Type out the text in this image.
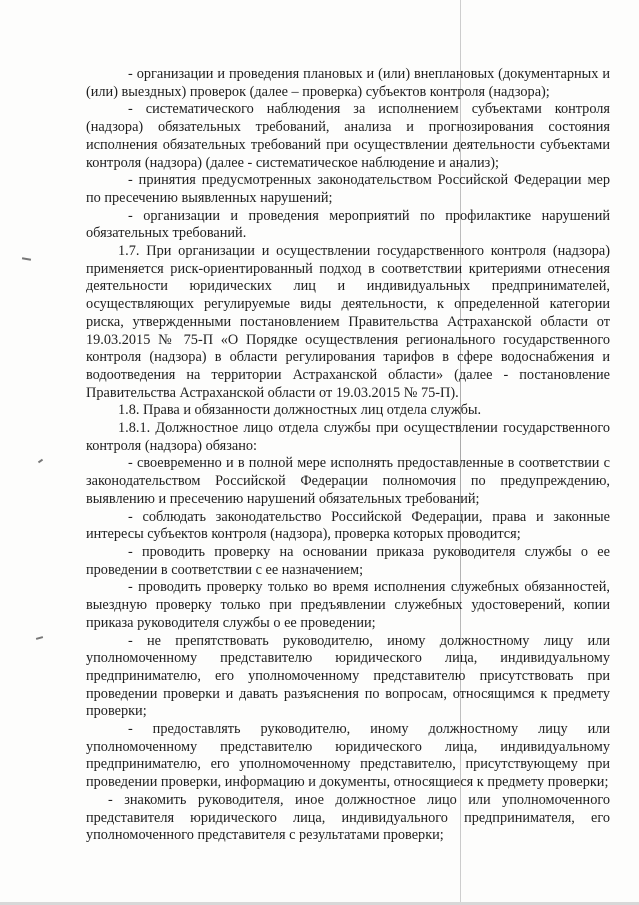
- организации и проведения плановых и (или) внеплановых (документарных и (или) выездных) проверок (далее – проверка) субъектов контроля (надзора);

- систематического наблюдения за исполнением субъектами контроля (надзора) обязательных требований, анализа и прогнозирования состояния исполнения обязательных требований при осуществлении деятельности субъектами контроля (надзора) (далее - систематическое наблюдение и анализ);

- принятия предусмотренных законодательством Российской Федерации мер по пресечению выявленных нарушений;

- организации и проведения мероприятий по профилактике нарушений обязательных требований.

1.7. При организации и осуществлении государственного контроля (надзора) применяется риск-ориентированный подход в соответствии критериями отнесения деятельности юридических лиц и индивидуальных предпринимателей, осуществляющих регулируемые виды деятельности, к определенной категории риска, утвержденными постановлением Правительства Астраханской области от 19.03.2015 № 75-П «О Порядке осуществления регионального государственного контроля (надзора) в области регулирования тарифов в сфере водоснабжения и водоотведения на территории Астраханской области» (далее - постановление Правительства Астраханской области от 19.03.2015 № 75-П).

1.8. Права и обязанности должностных лиц отдела службы.

1.8.1. Должностное лицо отдела службы при осуществлении государственного контроля (надзора) обязано:

- своевременно и в полной мере исполнять предоставленные в соответствии с законодательством Российской Федерации полномочия по предупреждению, выявлению и пресечению нарушений обязательных требований;

- соблюдать законодательство Российской Федерации, права и законные интересы субъектов контроля (надзора), проверка которых проводится;

- проводить проверку на основании приказа руководителя службы о ее проведении в соответствии с ее назначением;

- проводить проверку только во время исполнения служебных обязанностей, выездную проверку только при предъявлении служебных удостоверений, копии приказа руководителя службы о ее проведении;

- не препятствовать руководителю, иному должностному лицу или уполномоченному представителю юридического лица, индивидуальному предпринимателю, его уполномоченному представителю присутствовать при проведении проверки и давать разъяснения по вопросам, относящимся к предмету проверки;

- предоставлять руководителю, иному должностному лицу или уполномоченному представителю юридического лица, индивидуальному предпринимателю, его уполномоченному представителю, присутствующему при проведении проверки, информацию и документы, относящиеся к предмету проверки;

- знакомить руководителя, иное должностное лицо или уполномоченного представителя юридического лица, индивидуального предпринимателя, его уполномоченного представителя с результатами проверки;
